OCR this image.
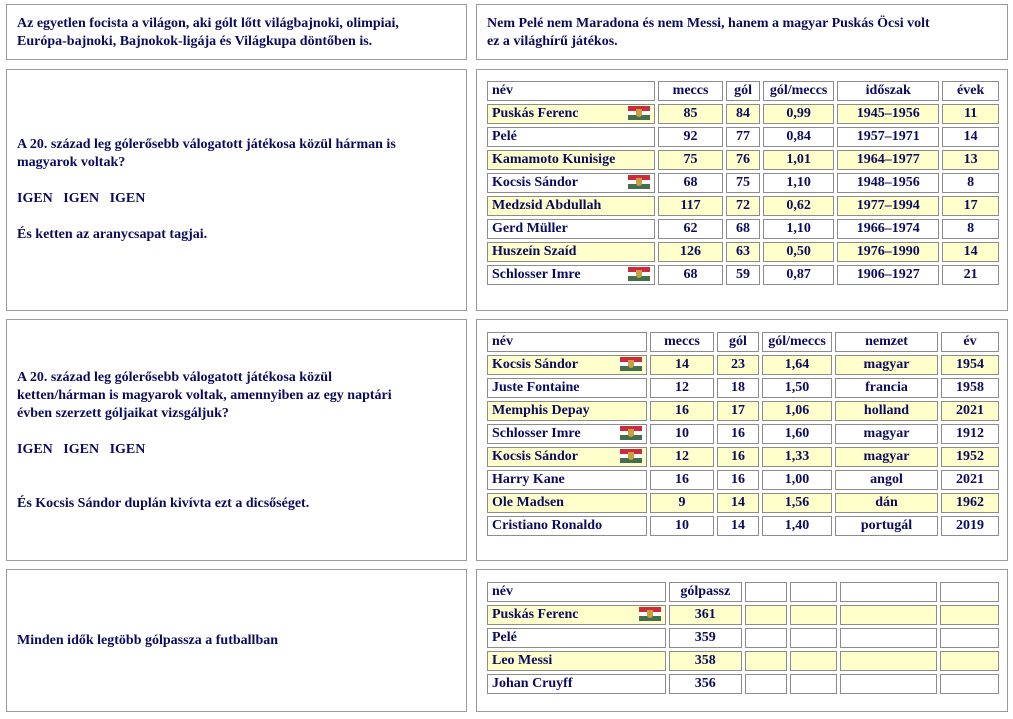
Az egyetlen focista a világon, aki gólt lőtt világbajnoki, olimpiai,

Európa-bajnoki, Bajnokok-ligája és Világkupa döntőben is.

Nem Pelé nem Maradona és nem Messi, hanem a magyar Puskás Öcsi volt

ez a világhírű játékos.

A 20. század leg gólerősebb válogatott játékosa közül hárman is

magyarok voltak?

IGEN   IGEN   IGEN

És ketten az aranycsapat tagjai.

név	meccs	gól	gól/meccs	időszak	évek

Puskás Ferenc	85	84	0,99	1945–1956	11
Pelé	92	77	0,84	1957–1971	14
Kamamoto Kunisige	75	76	1,01	1964–1977	13

Kocsis Sándor	68	75	1,10	1948–1956	8
Medzsid Abdullah	117	72	0,62	1977–1994	17
Gerd Müller	62	68	1,10	1966–1974	8
Huszeín Szaíd	126	63	0,50	1976–1990	14

Schlosser Imre	68	59	0,87	1906–1927	21

A 20. század leg gólerősebb válogatott játékosa közül

ketten/hárman is magyarok voltak, amennyiben az egy naptári

évben szerzett góljaikat vizsgáljuk?

IGEN   IGEN   IGEN

És Kocsis Sándor duplán kivívta ezt a dicsőséget.

név	meccs	gól	gól/meccs	nemzet	év

Kocsis Sándor	14	23	1,64	magyar	1954
Juste Fontaine	12	18	1,50	francia	1958
Memphis Depay	16	17	1,06	holland	2021

Schlosser Imre	10	16	1,60	magyar	1912

Kocsis Sándor	12	16	1,33	magyar	1952
Harry Kane	16	16	1,00	angol	2021
Ole Madsen	9	14	1,56	dán	1962
Cristiano Ronaldo	10	14	1,40	portugál	2019

Minden idők legtöbb gólpassza a futballban

név	gólpassz				

Puskás Ferenc	361				
Pelé	359				
Leo Messi	358				
Johan Cruyff	356				
